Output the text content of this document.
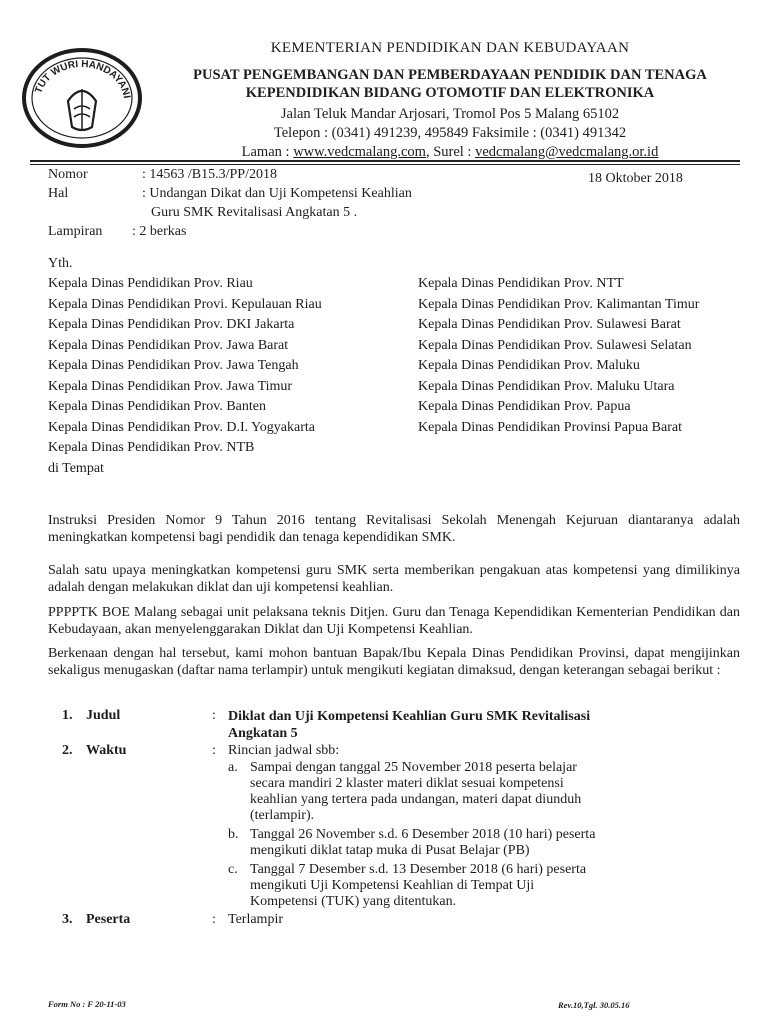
TUT WURI HANDAYANI
KEMENTERIAN PENDIDIKAN DAN KEBUDAYAAN
PUSAT PENGEMBANGAN DAN PEMBERDAYAAN PENDIDIK DAN TENAGA
KEPENDIDIKAN BIDANG OTOMOTIF DAN ELEKTRONIKA
Jalan Teluk Mandar Arjosari, Tromol Pos 5 Malang 65102
Telepon : (0341) 491239, 495849 Faksimile : (0341) 491342
Laman : www.vedcmalang.com, Surel : vedcmalang@vedcmalang.or.id
Nomor	: 14563 /B15.3/PP/2018	18 Oktober 2018
Hal	: Undangan Dikat dan Uji Kompetensi Keahlian
Guru SMK Revitalisasi Angkatan 5 .
Lampiran : 2 berkas
Yth.
Kepala Dinas Pendidikan Prov. Riau
Kepala Dinas Pendidikan Provi. Kepulauan Riau
Kepala Dinas Pendidikan Prov. DKI Jakarta
Kepala Dinas Pendidikan Prov. Jawa Barat
Kepala Dinas Pendidikan Prov. Jawa Tengah
Kepala Dinas Pendidikan Prov. Jawa Timur
Kepala Dinas Pendidikan Prov. Banten
Kepala Dinas Pendidikan Prov. D.I. Yogyakarta
Kepala Dinas Pendidikan Prov. NTB
di Tempat
Kepala Dinas Pendidikan Prov. NTT
Kepala Dinas Pendidikan Prov. Kalimantan Timur
Kepala Dinas Pendidikan Prov. Sulawesi Barat
Kepala Dinas Pendidikan Prov. Sulawesi Selatan
Kepala Dinas Pendidikan Prov. Maluku
Kepala Dinas Pendidikan Prov. Maluku Utara
Kepala Dinas Pendidikan Prov. Papua
Kepala Dinas Pendidikan Provinsi Papua Barat
Instruksi Presiden Nomor 9 Tahun 2016 tentang Revitalisasi Sekolah Menengah Kejuruan diantaranya adalah meningkatkan kompetensi bagi pendidik dan tenaga kependidikan SMK.
Salah satu upaya meningkatkan kompetensi guru SMK serta memberikan pengakuan atas kompetensi yang dimilikinya adalah dengan melakukan diklat dan uji kompetensi keahlian.
PPPPTK BOE Malang sebagai unit pelaksana teknis Ditjen. Guru dan Tenaga Kependidikan Kementerian Pendidikan dan Kebudayaan, akan menyelenggarakan Diklat dan Uji Kompetensi Keahlian.
Berkenaan dengan hal tersebut, kami mohon bantuan Bapak/Ibu Kepala Dinas Pendidikan Provinsi, dapat mengijinkan sekaligus menugaskan (daftar nama terlampir) untuk mengikuti kegiatan dimaksud, dengan keterangan sebagai berikut :
1. Judul	: Diklat dan Uji Kompetensi Keahlian Guru SMK Revitalisasi
Angkatan 5
2. Waktu	: Rincian jadwal sbb:
a. Sampai dengan tanggal 25 November 2018 peserta belajar
secara mandiri 2 klaster materi diklat sesuai kompetensi
keahlian yang tertera pada undangan, materi dapat diunduh
(terlampir).
b. Tanggal 26 November s.d. 6 Desember 2018 (10 hari) peserta
mengikuti diklat tatap muka di Pusat Belajar (PB)
c. Tanggal 7 Desember s.d. 13 Desember 2018 (6 hari) peserta
mengikuti Uji Kompetensi Keahlian di Tempat Uji
Kompetensi (TUK) yang ditentukan.
3. Peserta	: Terlampir
Form No : F 20-11-03	Rev.10,Tgl. 30.05.16
